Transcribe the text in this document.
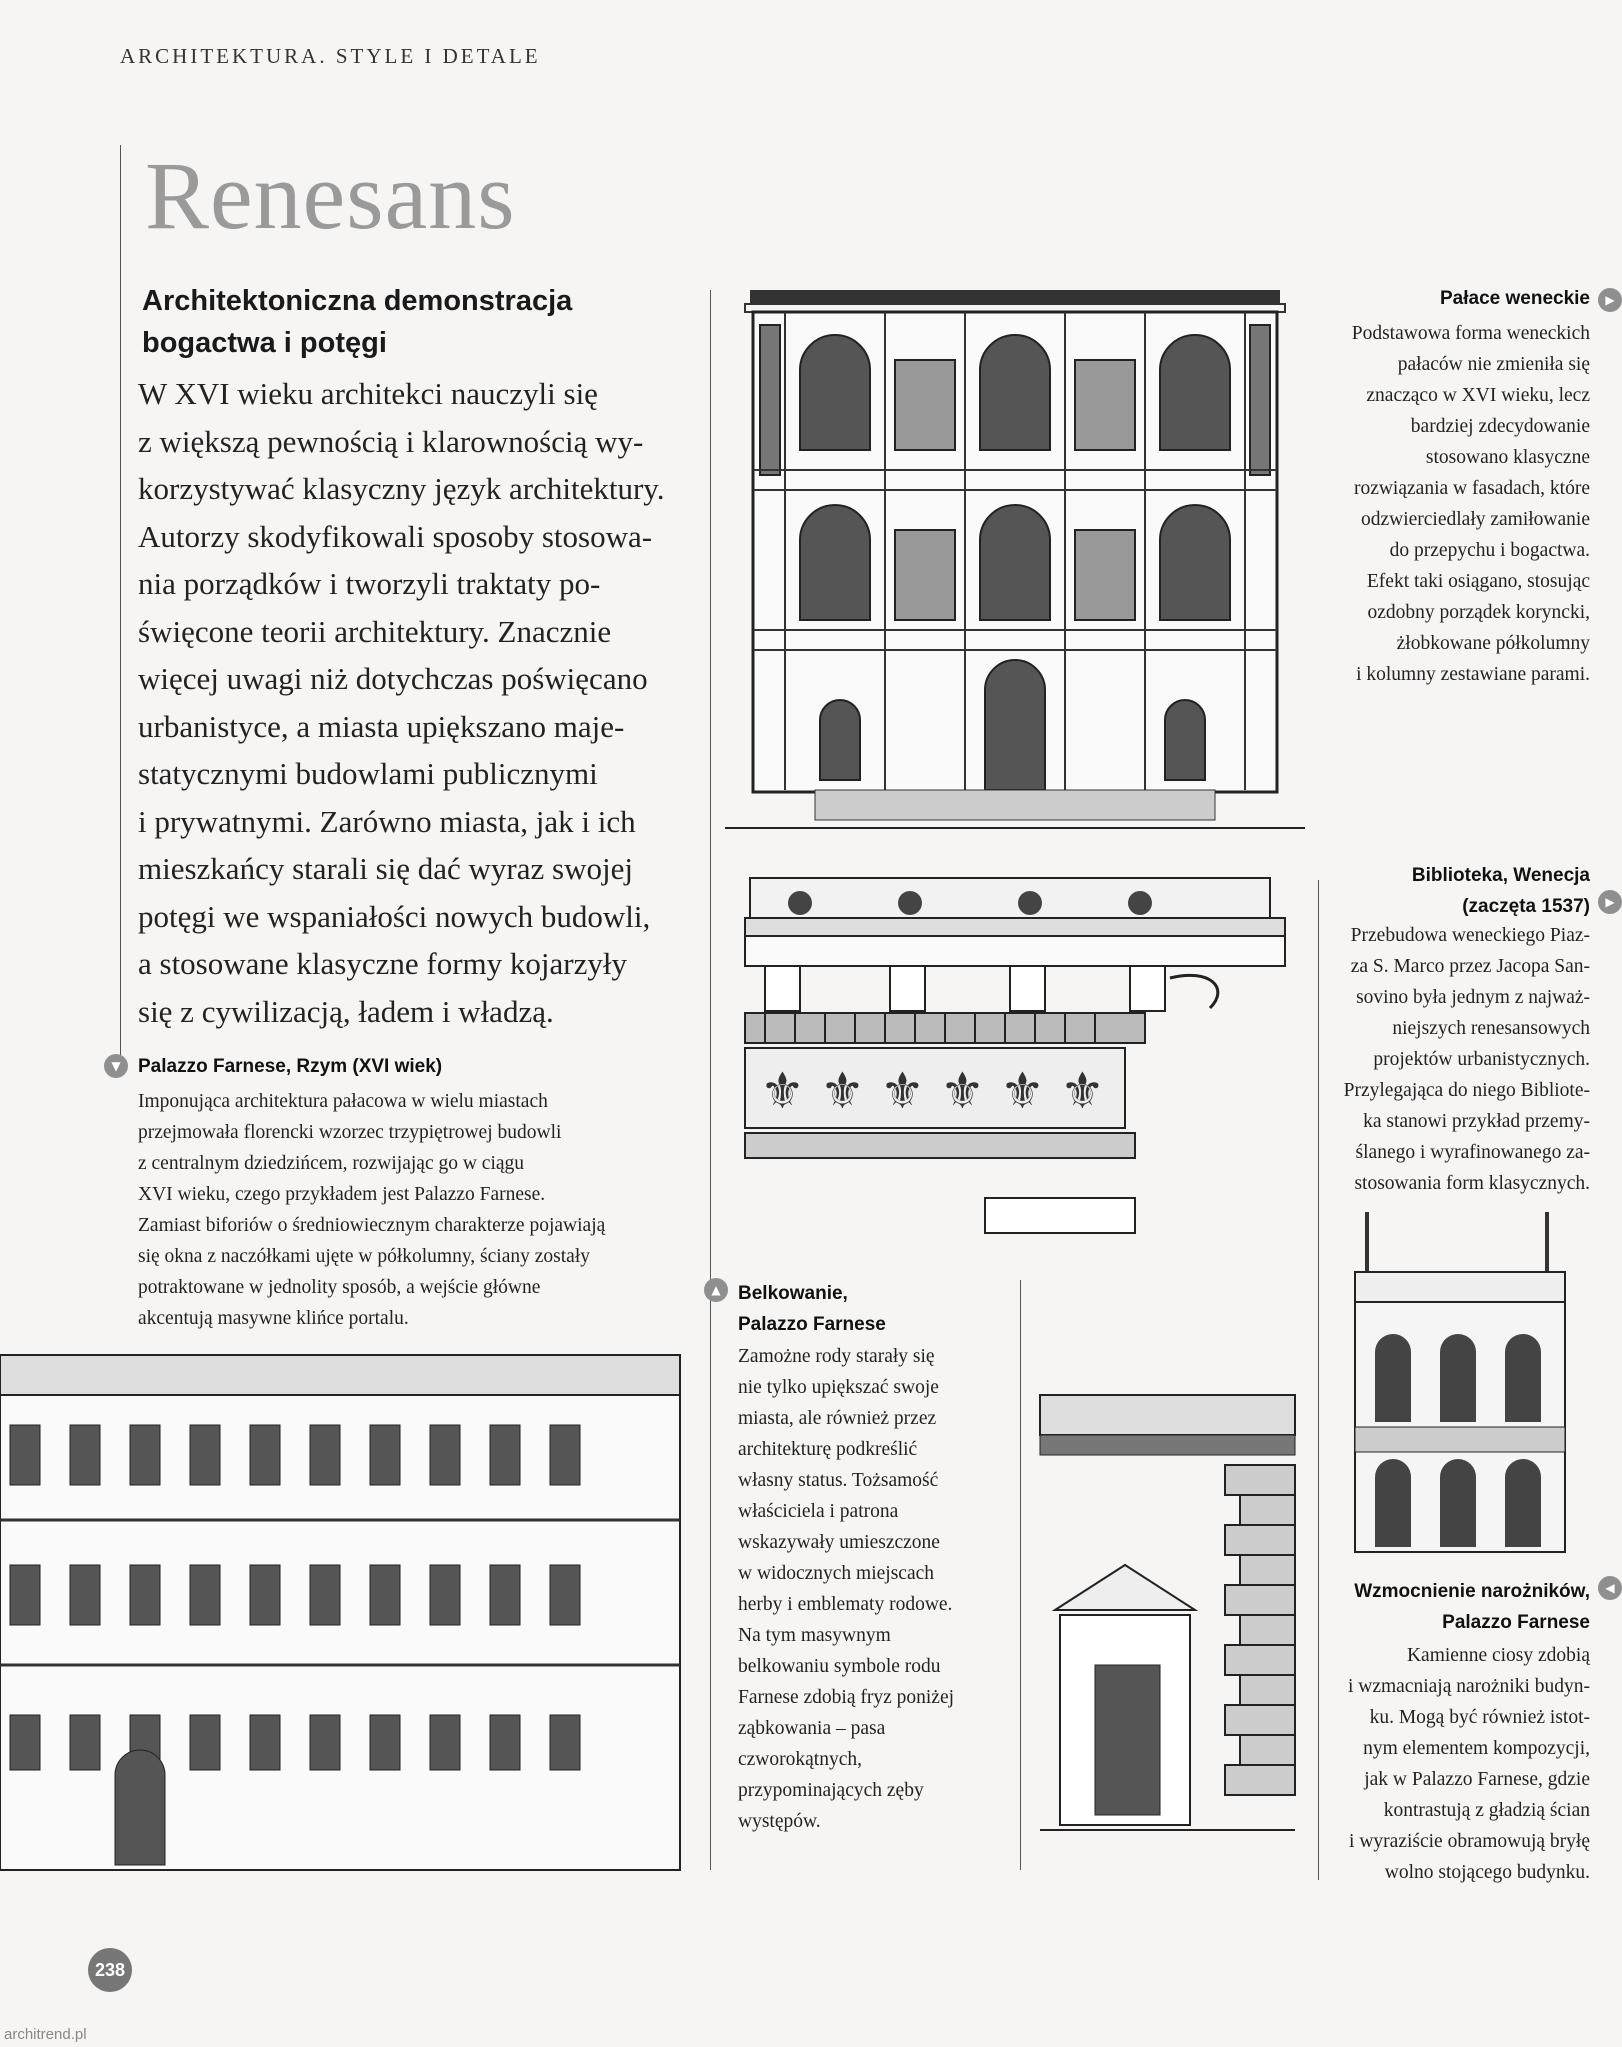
ARCHITEKTURA. STYLE I DETALE
Renesans
Architektoniczna demonstracja bogactwa i potęgi
W XVI wieku architekci nauczyli się
z większą pewnością i klarownością wy-
korzystywać klasyczny język architektury.
Autorzy skodyfikowali sposoby stosowa-
nia porządków i tworzyli traktaty po-
święcone teorii architektury. Znacznie
więcej uwagi niż dotychczas poświęcano
urbanistyce, a miasta upiększano maje-
statycznymi budowlami publicznymi
i prywatnymi. Zarówno miasta, jak i ich
mieszkańcy starali się dać wyraz swojej
potęgi we wspaniałości nowych budowli,
a stosowane klasyczne formy kojarzyły
się z cywilizacją, ładem i władzą.
▼ Palazzo Farnese, Rzym (XVI wiek)
Imponująca architektura pałacowa w wielu miastach
przejmowała florencki wzorzec trzypiętrowej budowli
z centralnym dziedzińcem, rozwijając go w ciągu
XVI wieku, czego przykładem jest Palazzo Farnese.
Zamiast biforiów o średniowiecznym charakterze pojawiają
się okna z naczółkami ujęte w półkolumny, ściany zostały
potraktowane w jednolity sposób, a wejście główne
akcentują masywne klińce portalu.
⚜ ⚜ ⚜ ⚜ ⚜ ⚜
▲ Belkowanie,
Palazzo Farnese
Zamożne rody starały się
nie tylko upiększać swoje
miasta, ale również przez
architekturę podkreślić
własny status. Tożsamość
właściciela i patrona
wskazywały umieszczone
w widocznych miejscach
herby i emblematy rodowe.
Na tym masywnym
belkowaniu symbole rodu
Farnese zdobią fryz poniżej
ząbkowania – pasa
czworokątnych,
przypominających zęby
występów.
▶
Pałace weneckie
Podstawowa forma weneckich
pałaców nie zmieniła się
znacząco w XVI wieku, lecz
bardziej zdecydowanie
stosowano klasyczne
rozwiązania w fasadach, które
odzwierciedlały zamiłowanie
do przepychu i bogactwa.
Efekt taki osiągano, stosując
ozdobny porządek koryncki,
żłobkowane półkolumny
i kolumny zestawiane parami.
▶
Biblioteka, Wenecja
(zaczęta 1537)
Przebudowa weneckiego Piaz-
za S. Marco przez Jacopa San-
sovino była jednym z najważ-
niejszych renesansowych
projektów urbanistycznych.
Przylegająca do niego Bibliote-
ka stanowi przykład przemy-
ślanego i wyrafinowanego za-
stosowania form klasycznych.
◀
Wzmocnienie narożników,
Palazzo Farnese
Kamienne ciosy zdobią
i wzmacniają narożniki budyn-
ku. Mogą być również istot-
nym elementem kompozycji,
jak w Palazzo Farnese, gdzie
kontrastują z gładzią ścian
i wyraziście obramowują bryłę
wolno stojącego budynku.
238
architrend.pl
